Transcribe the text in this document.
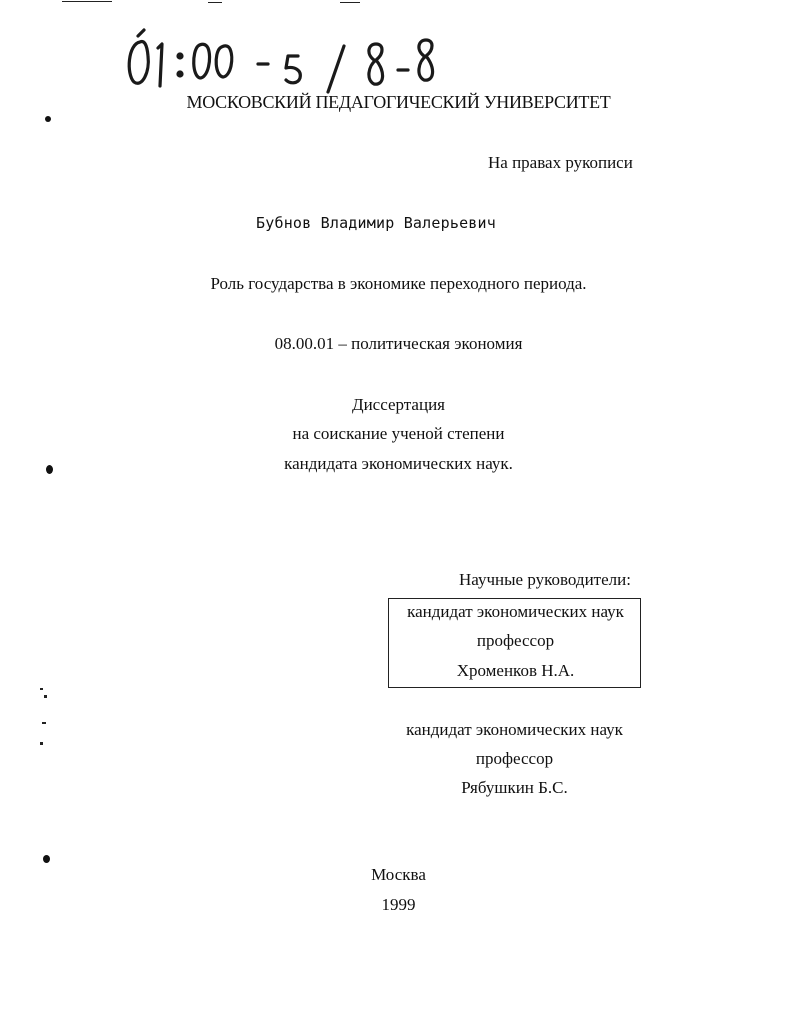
МОСКОВСКИЙ ПЕДАГОГИЧЕСКИЙ УНИВЕРСИТЕТ
На правах рукописи
Бубнов Владимир Валерьевич
Роль государства в экономике переходного периода.
08.00.01 – политическая экономия
Диссертация
на соискание ученой степени
кандидата экономических наук.
Научные руководители:
кандидат экономических наук
профессор
Хроменков Н.А.
кандидат экономических наук
профессор
Рябушкин Б.С.
Москва
1999
